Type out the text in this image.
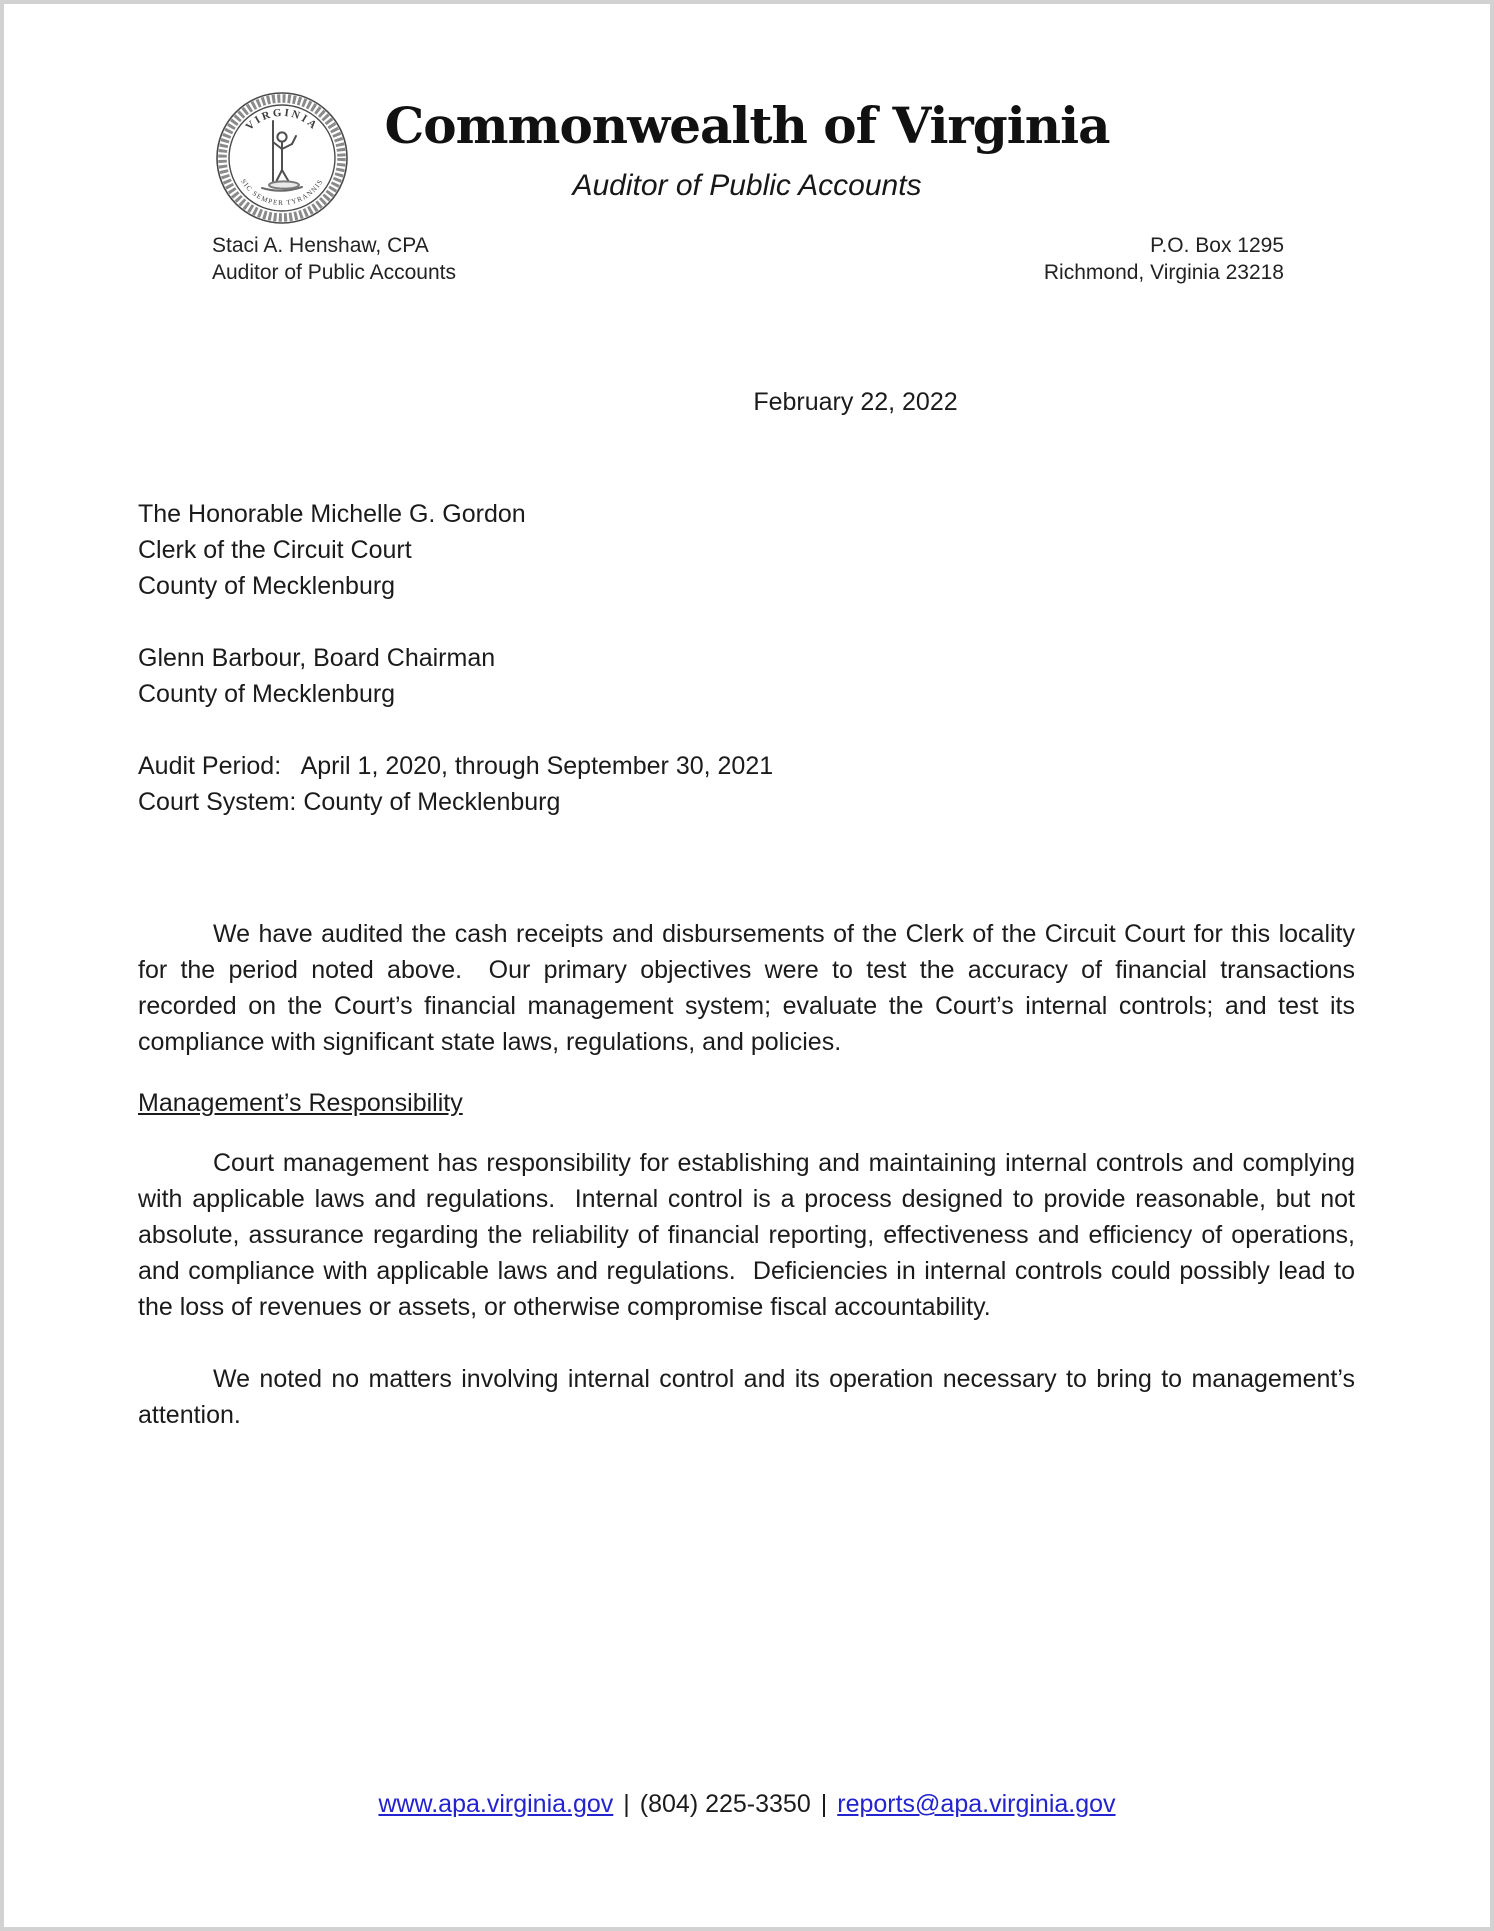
VIRGINIA
SIC SEMPER TYRANNIS
Commonwealth of Virginia
Auditor of Public Accounts
Staci A. Henshaw, CPA
Auditor of Public Accounts
P.O. Box 1295
Richmond, Virginia 23218
February 22, 2022
The Honorable Michelle G. Gordon
Clerk of the Circuit Court
County of Mecklenburg
Glenn Barbour, Board Chairman
County of Mecklenburg
Audit Period:   April 1, 2020, through September 30, 2021
Court System: County of Mecklenburg

We have audited the cash receipts and disbursements of the Clerk of the Circuit Court for this locality for the period noted above.  Our primary objectives were to test the accuracy of financial transactions recorded on the Court’s financial management system; evaluate the Court’s internal controls; and test its compliance with significant state laws, regulations, and policies.

Management’s Responsibility

Court management has responsibility for establishing and maintaining internal controls and complying with applicable laws and regulations.  Internal control is a process designed to provide reasonable, but not absolute, assurance regarding the reliability of financial reporting, effectiveness and efficiency of operations, and compliance with applicable laws and regulations.  Deficiencies in internal controls could possibly lead to the loss of revenues or assets, or otherwise compromise fiscal accountability.

We noted no matters involving internal control and its operation necessary to bring to management’s attention.

www.apa.virginia.gov | (804) 225-3350 | reports@apa.virginia.gov
